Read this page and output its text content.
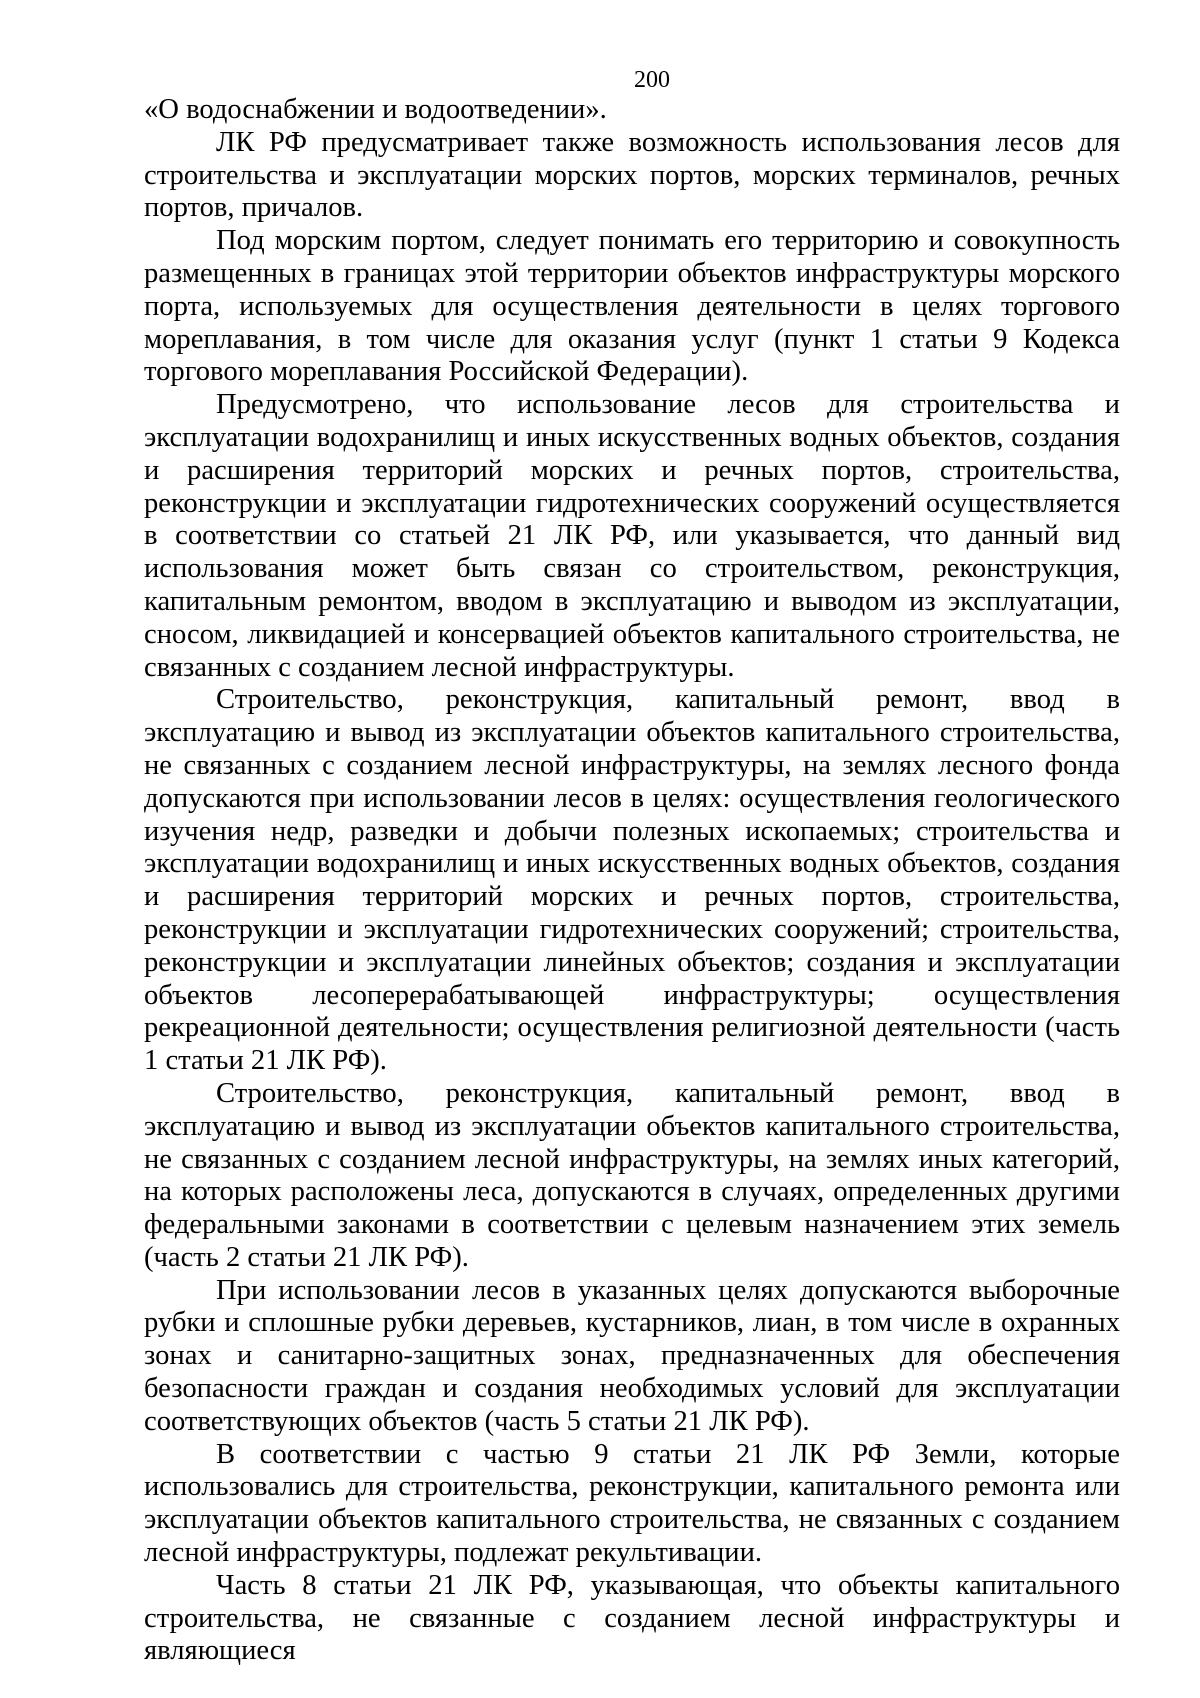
200

«О водоснабжении и водоотведении».

ЛК РФ предусматривает также возможность использования лесов для строительства и эксплуатации морских портов, морских терминалов, речных портов, причалов.

Под морским портом, следует понимать его территорию и совокупность размещенных в границах этой территории объектов инфраструктуры морского порта, используемых для осуществления деятельности в целях торгового мореплавания, в том числе для оказания услуг (пункт 1 статьи 9 Кодекса торгового мореплавания Российской Федерации).

Предусмотрено, что использование лесов для строительства и эксплуатации водохранилищ и иных искусственных водных объектов, создания и расширения территорий морских и речных портов, строительства, реконструкции и эксплуатации гидротехнических сооружений осуществляется в соответствии со статьей 21 ЛК РФ, или указывается, что данный вид использования может быть связан со строительством, реконструкция, капитальным ремонтом, вводом в эксплуатацию и выводом из эксплуатации, сносом, ликвидацией и консервацией объектов капитального строительства, не связанных с созданием лесной инфраструктуры.

Строительство, реконструкция, капитальный ремонт, ввод в эксплуатацию и вывод из эксплуатации объектов капитального строительства, не связанных с созданием лесной инфраструктуры, на землях лесного фонда допускаются при использовании лесов в целях: осуществления геологического изучения недр, разведки и добычи полезных ископаемых; строительства и эксплуатации водохранилищ и иных искусственных водных объектов, создания и расширения территорий морских и речных портов, строительства, реконструкции и эксплуатации гидротехнических сооружений; строительства, реконструкции и эксплуатации линейных объектов; создания и эксплуатации объектов лесоперерабатывающей инфраструктуры; осуществления рекреационной деятельности; осуществления религиозной деятельности (часть 1 статьи 21 ЛК РФ).

Строительство, реконструкция, капитальный ремонт, ввод в эксплуатацию и вывод из эксплуатации объектов капитального строительства, не связанных с созданием лесной инфраструктуры, на землях иных категорий, на которых расположены леса, допускаются в случаях, определенных другими федеральными законами в соответствии с целевым назначением этих земель (часть 2 статьи 21 ЛК РФ).

При использовании лесов в указанных целях допускаются выборочные рубки и сплошные рубки деревьев, кустарников, лиан, в том числе в охранных зонах и санитарно-защитных зонах, предназначенных для обеспечения безопасности граждан и создания необходимых условий для эксплуатации соответствующих объектов (часть 5 статьи 21 ЛК РФ).

В соответствии с частью 9 статьи 21 ЛК РФ Земли, которые использовались для строительства, реконструкции, капитального ремонта или эксплуатации объектов капитального строительства, не связанных с созданием лесной инфраструктуры, подлежат рекультивации.

Часть 8 статьи 21 ЛК РФ, указывающая, что объекты капитального строительства, не связанные с созданием лесной инфраструктуры и являющиеся
